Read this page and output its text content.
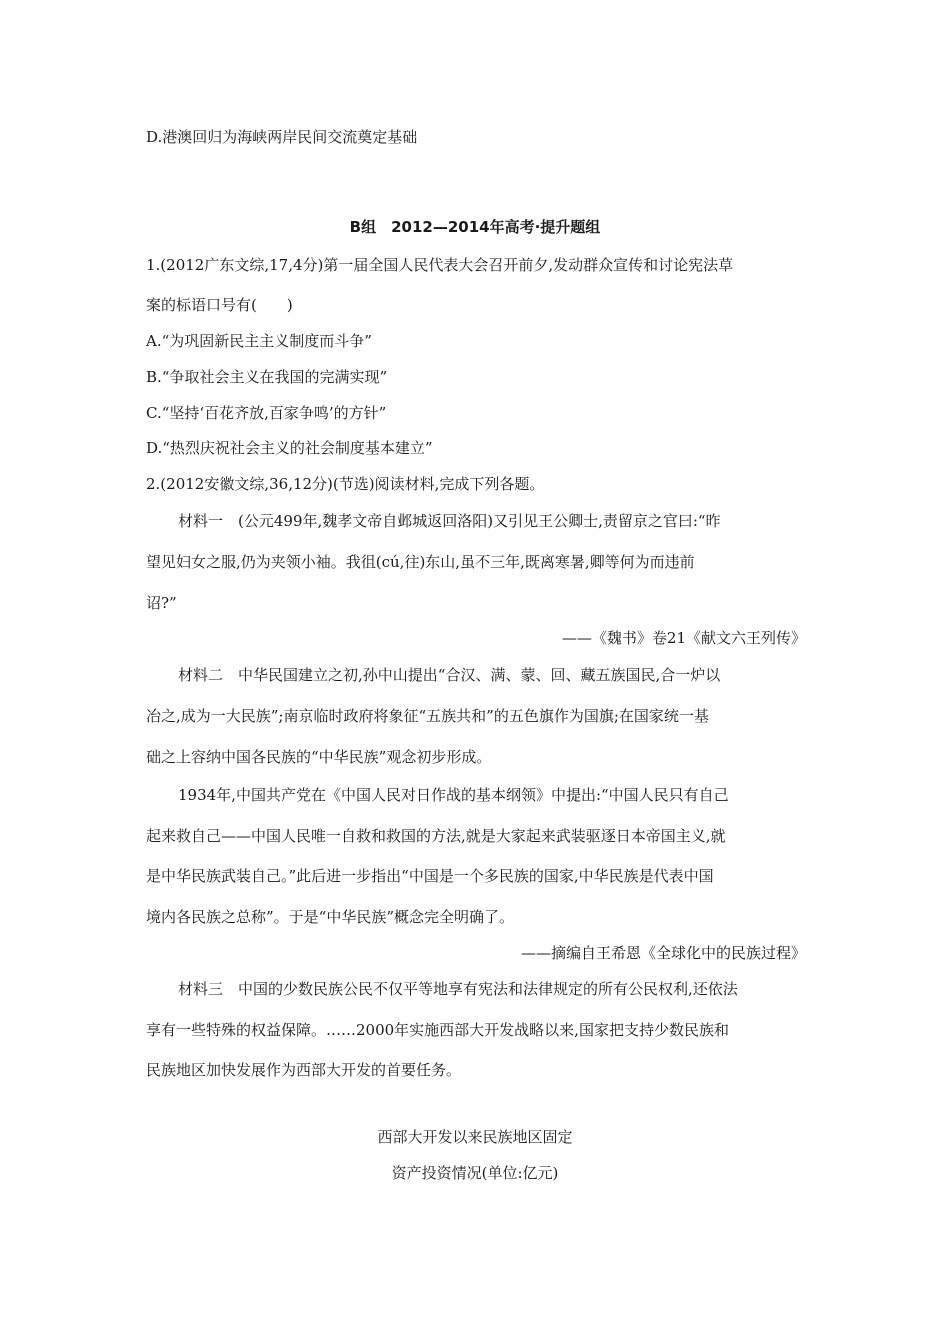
D.港澳回归为海峡两岸民间交流奠定基础
B组　2012—2014年高考·提升题组
1.(2012广东文综,17,4分)第一届全国人民代表大会召开前夕,发动群众宣传和讨论宪法草
案的标语口号有(　　)
A.“为巩固新民主主义制度而斗争”
B.“争取社会主义在我国的完满实现”
C.“坚持‘百花齐放,百家争鸣’的方针”
D.“热烈庆祝社会主义的社会制度基本建立”
2.(2012安徽文综,36,12分)(节选)阅读材料,完成下列各题。
材料一　(公元499年,魏孝文帝自邺城返回洛阳)又引见王公卿士,责留京之官曰:“昨
望见妇女之服,仍为夹领小袖。我徂(cú,往)东山,虽不三年,既离寒暑,卿等何为而违前
诏?”
——《魏书》卷21《献文六王列传》
材料二　中华民国建立之初,孙中山提出“合汉、满、蒙、回、藏五族国民,合一炉以
冶之,成为一大民族”;南京临时政府将象征“五族共和”的五色旗作为国旗;在国家统一基
础之上容纳中国各民族的“中华民族”观念初步形成。
1934年,中国共产党在《中国人民对日作战的基本纲领》中提出:“中国人民只有自己
起来救自己——中国人民唯一自救和救国的方法,就是大家起来武装驱逐日本帝国主义,就
是中华民族武装自己。”此后进一步指出“中国是一个多民族的国家,中华民族是代表中国
境内各民族之总称”。于是“中华民族”概念完全明确了。
——摘编自王希恩《全球化中的民族过程》
材料三　中国的少数民族公民不仅平等地享有宪法和法律规定的所有公民权利,还依法
享有一些特殊的权益保障。……2000年实施西部大开发战略以来,国家把支持少数民族和
民族地区加快发展作为西部大开发的首要任务。
西部大开发以来民族地区固定
资产投资情况(单位:亿元)
